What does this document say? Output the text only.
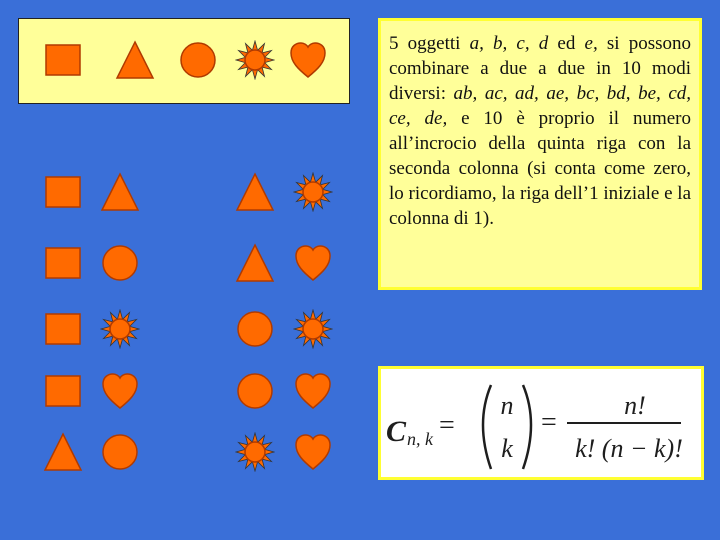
5 oggetti a, b, c, d ed e, si possono combinare a due a due in 10 modi diversi: ab, ac, ad, ae, bc, bd, be, cd, ce, de, e 10 è proprio il numero all’incrocio della quinta riga con la seconda colonna (si conta come zero, lo ricordiamo, la riga dell’1 iniziale e la colonna di 1).
C n, k =
n
k
=
n!
k! (n − k)!
